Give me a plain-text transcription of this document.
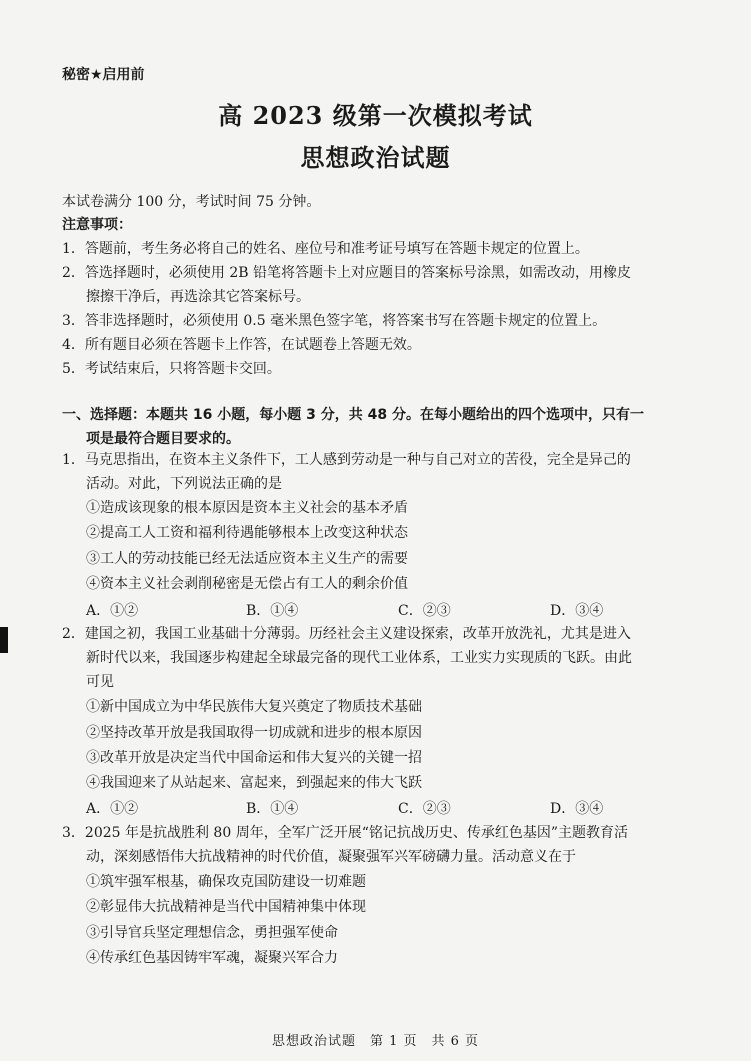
秘密★启用前
高 2023 级第一次模拟考试
思想政治试题
本试卷满分 100 分，考试时间 75 分钟。
注意事项：
1．答题前，考生务必将自己的姓名、座位号和准考证号填写在答题卡规定的位置上。
2．答选择题时，必须使用 2B 铅笔将答题卡上对应题目的答案标号涂黑，如需改动，用橡皮
擦擦干净后，再选涂其它答案标号。
3．答非选择题时，必须使用 0.5 毫米黑色签字笔，将答案书写在答题卡规定的位置上。
4．所有题目必须在答题卡上作答，在试题卷上答题无效。
5．考试结束后，只将答题卡交回。
一、选择题：本题共 16 小题，每小题 3 分，共 48 分。在每小题给出的四个选项中，只有一
项是最符合题目要求的。
1．马克思指出，在资本主义条件下，工人感到劳动是一种与自己对立的苦役，完全是异己的
活动。对此，下列说法正确的是
①造成该现象的根本原因是资本主义社会的基本矛盾
②提高工人工资和福利待遇能够根本上改变这种状态
③工人的劳动技能已经无法适应资本主义生产的需要
④资本主义社会剥削秘密是无偿占有工人的剩余价值
A．①②	B．①④	C．②③	D．③④
2．建国之初，我国工业基础十分薄弱。历经社会主义建设探索，改革开放洗礼，尤其是进入
新时代以来，我国逐步构建起全球最完备的现代工业体系，工业实力实现质的飞跃。由此
可见
①新中国成立为中华民族伟大复兴奠定了物质技术基础
②坚持改革开放是我国取得一切成就和进步的根本原因
③改革开放是决定当代中国命运和伟大复兴的关键一招
④我国迎来了从站起来、富起来，到强起来的伟大飞跃
A．①②	B．①④	C．②③	D．③④
3．2025 年是抗战胜利 80 周年，全军广泛开展“铭记抗战历史、传承红色基因”主题教育活
动，深刻感悟伟大抗战精神的时代价值，凝聚强军兴军磅礴力量。活动意义在于
①筑牢强军根基，确保攻克国防建设一切难题
②彰显伟大抗战精神是当代中国精神集中体现
③引导官兵坚定理想信念，勇担强军使命
④传承红色基因铸牢军魂，凝聚兴军合力
思想政治试题　第 1 页　共 6 页
